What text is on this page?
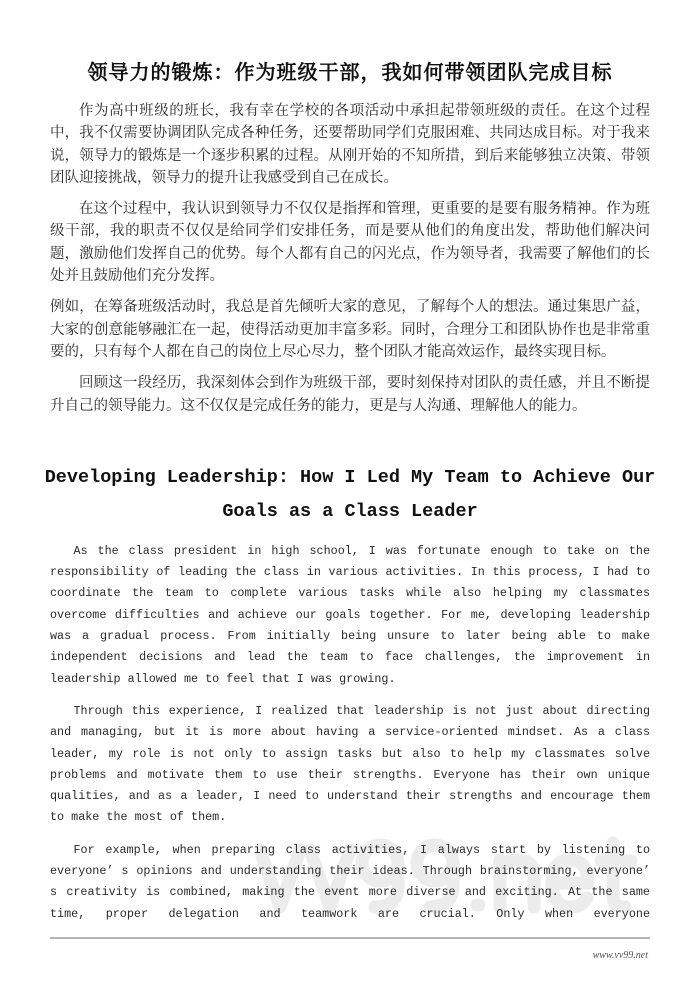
领导力的锻炼：作为班级干部，我如何带领团队完成目标

作为高中班级的班长，我有幸在学校的各项活动中承担起带领班级的责任。在这个过程中，我不仅需要协调团队完成各种任务，还要帮助同学们克服困难、共同达成目标。对于我来说，领导力的锻炼是一个逐步积累的过程。从刚开始的不知所措，到后来能够独立决策、带领团队迎接挑战，领导力的提升让我感受到自己在成长。

在这个过程中，我认识到领导力不仅仅是指挥和管理，更重要的是要有服务精神。作为班级干部，我的职责不仅仅是给同学们安排任务，而是要从他们的角度出发，帮助他们解决问题，激励他们发挥自己的优势。每个人都有自己的闪光点，作为领导者，我需要了解他们的长处并且鼓励他们充分发挥。

例如，在筹备班级活动时，我总是首先倾听大家的意见，了解每个人的想法。通过集思广益，大家的创意能够融汇在一起，使得活动更加丰富多彩。同时，合理分工和团队协作也是非常重要的，只有每个人都在自己的岗位上尽心尽力，整个团队才能高效运作，最终实现目标。

回顾这一段经历，我深刻体会到作为班级干部，要时刻保持对团队的责任感，并且不断提升自己的领导能力。这不仅仅是完成任务的能力，更是与人沟通、理解他人的能力。

Developing Leadership: How I Led My Team to Achieve Our Goals as a Class Leader

As the class president in high school, I was fortunate enough to take on the responsibility of leading the class in various activities. In this process, I had to coordinate the team to complete various tasks while also helping my classmates overcome difficulties and achieve our goals together. For me, developing leadership was a gradual process. From initially being unsure to later being able to make independent decisions and lead the team to face challenges, the improvement in leadership allowed me to feel that I was growing.

Through this experience, I realized that leadership is not just about directing and managing, but it is more about having a service-oriented mindset. As a class leader, my role is not only to assign tasks but also to help my classmates solve problems and motivate them to use their strengths. Everyone has their own unique qualities, and as a leader, I need to understand their strengths and encourage them to make the most of them.

For example, when preparing class activities, I always start by listening to everyone’ s opinions and understanding their ideas. Through brainstorming, everyone’ s creativity is combined, making the event more diverse and exciting. At the same time, proper delegation and teamwork are crucial. Only when everyone

www.vv99.net
